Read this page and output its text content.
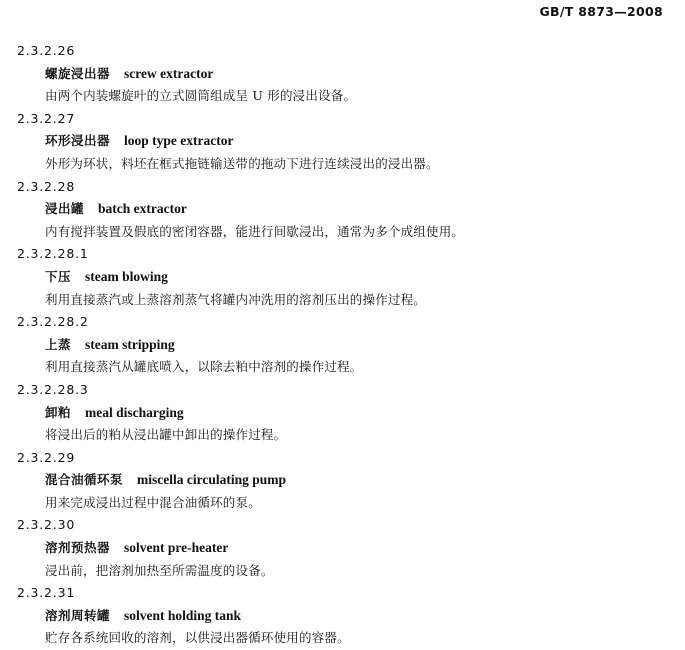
GB/T 8873—2008
2.3.2.26
螺旋浸出器 screw extractor
由两个内装螺旋叶的立式圆筒组成呈 U 形的浸出设备。
2.3.2.27
环形浸出器 loop type extractor
外形为环状，料坯在框式拖链输送带的拖动下进行连续浸出的浸出器。
2.3.2.28
浸出罐 batch extractor
内有搅拌装置及假底的密闭容器，能进行间歇浸出，通常为多个成组使用。
2.3.2.28.1
下压 steam blowing
利用直接蒸汽或上蒸溶剂蒸气将罐内冲洗用的溶剂压出的操作过程。
2.3.2.28.2
上蒸 steam stripping
利用直接蒸汽从罐底喷入，以除去粕中溶剂的操作过程。
2.3.2.28.3
卸粕 meal discharging
将浸出后的粕从浸出罐中卸出的操作过程。
2.3.2.29
混合油循环泵 miscella circulating pump
用来完成浸出过程中混合油循环的泵。
2.3.2.30
溶剂预热器 solvent pre-heater
浸出前，把溶剂加热至所需温度的设备。
2.3.2.31
溶剂周转罐 solvent holding tank
贮存各系统回收的溶剂，以供浸出器循环使用的容器。
